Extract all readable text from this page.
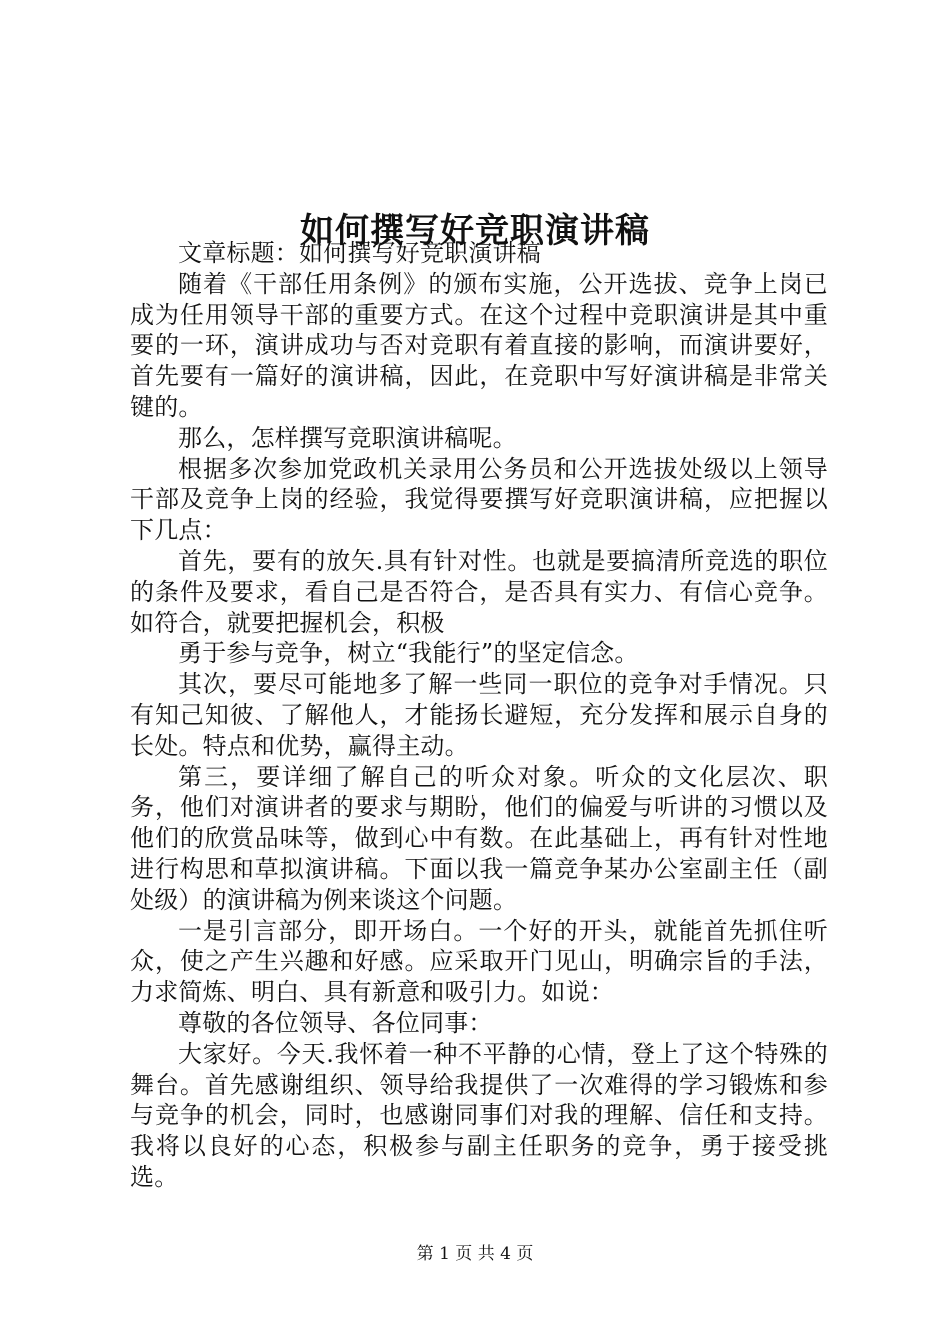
如何撰写好竞职演讲稿

文章标题：如何撰写好竞职演讲稿

随着《干部任用条例》的颁布实施，公开选拔、竞争上岗已成为任用领导干部的重要方式。在这个过程中竞职演讲是其中重要的一环，演讲成功与否对竞职有着直接的影响，而演讲要好，首先要有一篇好的演讲稿，因此，在竞职中写好演讲稿是非常关键的。

那么，怎样撰写竞职演讲稿呢。

根据多次参加党政机关录用公务员和公开选拔处级以上领导干部及竞争上岗的经验，我觉得要撰写好竞职演讲稿，应把握以下几点：

首先，要有的放矢.具有针对性。也就是要搞清所竞选的职位的条件及要求，看自己是否符合，是否具有实力、有信心竞争。如符合，就要把握机会，积极

勇于参与竞争，树立“我能行”的坚定信念。

其次，要尽可能地多了解一些同一职位的竞争对手情况。只有知己知彼、了解他人，才能扬长避短，充分发挥和展示自身的长处。特点和优势，赢得主动。

第三，要详细了解自己的听众对象。听众的文化层次、职务，他们对演讲者的要求与期盼，他们的偏爱与听讲的习惯以及他们的欣赏品味等，做到心中有数。在此基础上，再有针对性地进行构思和草拟演讲稿。下面以我一篇竞争某办公室副主任（副处级）的演讲稿为例来谈这个问题。

一是引言部分，即开场白。一个好的开头，就能首先抓住听众，使之产生兴趣和好感。应采取开门见山，明确宗旨的手法，力求简炼、明白、具有新意和吸引力。如说：

尊敬的各位领导、各位同事：

大家好。今天.我怀着一种不平静的心情，登上了这个特殊的舞台。首先感谢组织、领导给我提供了一次难得的学习锻炼和参与竞争的机会，同时，也感谢同事们对我的理解、信任和支持。我将以良好的心态，积极参与副主任职务的竞争，勇于接受挑选。

第 1 页 共 4 页
